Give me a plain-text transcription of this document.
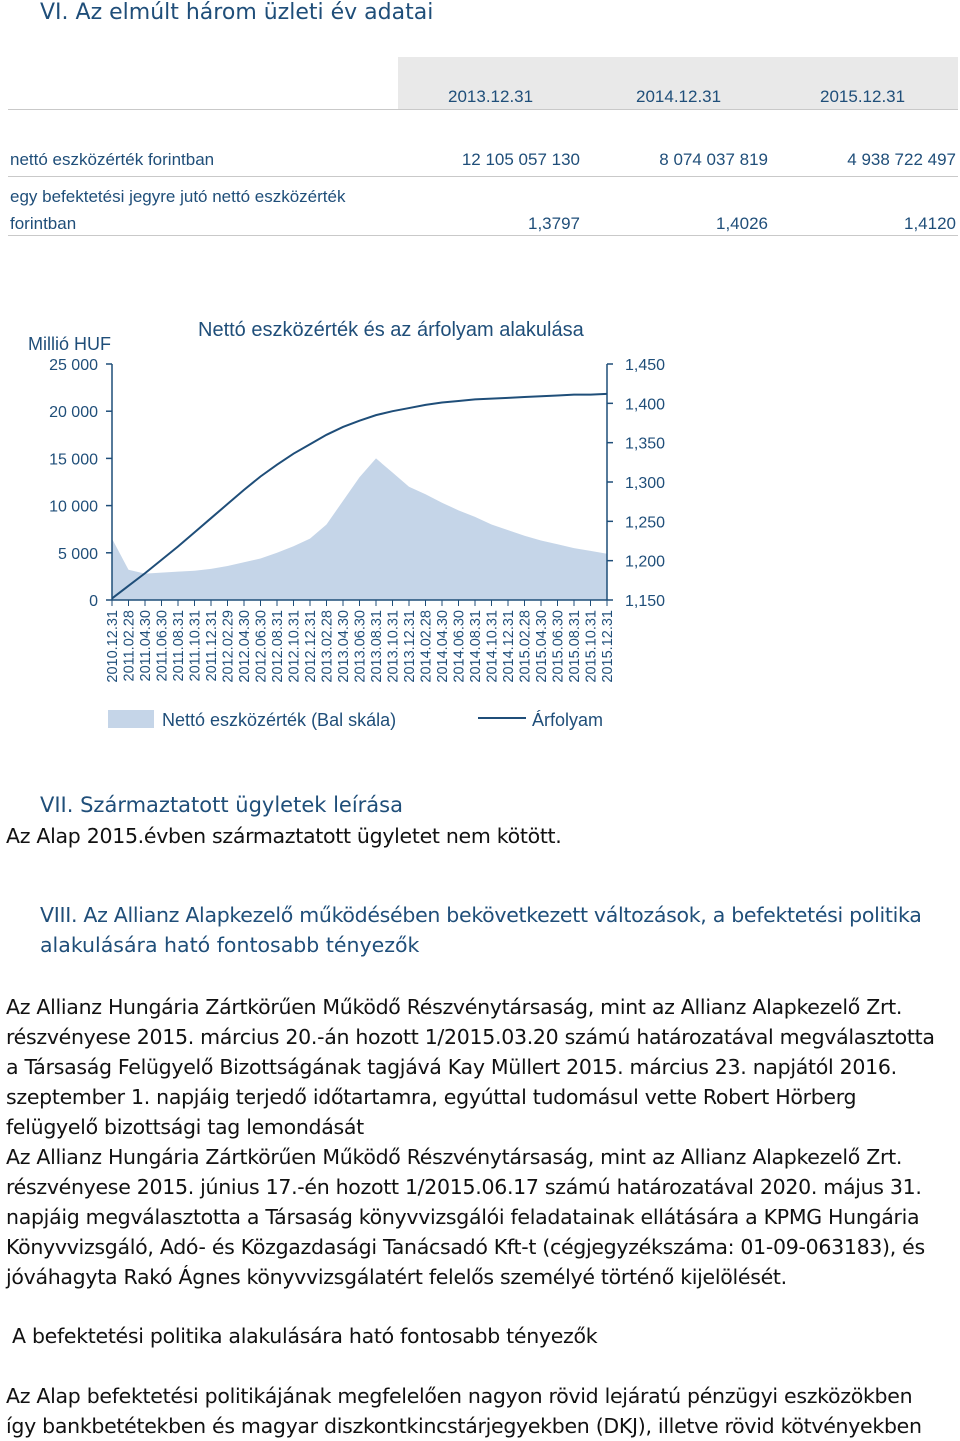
VI. Az elmúlt három üzleti év adatai
2013.12.31	2014.12.31	2015.12.31
nettó eszközérték forintban	12 105 057 130	8 074 037 819	4 938 722 497
egy befektetési jegyre jutó nettó eszközérték
forintban	1,3797	1,4026	1,4120
Millió HUF
Nettó eszközérték és az árfolyam alakulása
25 000
20 000
15 000
10 000
5 000
0
1,450
1,400
1,350
1,300
1,250
1,200
1,150
2010.12.31 2011.02.28 2011.04.30 2011.06.30 2011.08.31 2011.10.31 2011.12.31 2012.02.29 2012.04.30 2012.06.30 2012.08.31 2012.10.31 2012.12.31 2013.02.28 2013.04.30 2013.06.30 2013.08.31 2013.10.31 2013.12.31 2014.02.28 2014.04.30 2014.06.30 2014.08.31 2014.10.31 2014.12.31 2015.02.28 2015.04.30 2015.06.30 2015.08.31 2015.10.31 2015.12.31
Nettó eszközérték (Bal skála)	Árfolyam
VII. Származtatott ügyletek leírása
Az Alap 2015.évben származtatott ügyletet nem kötött.
VIII. Az Allianz Alapkezelő működésében bekövetkezett változások, a befektetési politika
alakulására ható fontosabb tényezők
Az Allianz Hungária Zártkörűen Működő Részvénytársaság, mint az Allianz Alapkezelő Zrt.
részvényese 2015. március 20.-án hozott 1/2015.03.20 számú határozatával megválasztotta
a Társaság Felügyelő Bizottságának tagjává Kay Müllert 2015. március 23. napjától 2016.
szeptember 1. napjáig terjedő időtartamra, egyúttal tudomásul vette Robert Hörberg
felügyelő bizottsági tag lemondását
Az Allianz Hungária Zártkörűen Működő Részvénytársaság, mint az Allianz Alapkezelő Zrt.
részvényese 2015. június 17.-én hozott 1/2015.06.17 számú határozatával 2020. május 31.
napjáig megválasztotta a Társaság könyvvizsgálói feladatainak ellátására a KPMG Hungária
Könyvvizsgáló, Adó- és Közgazdasági Tanácsadó Kft-t (cégjegyzékszáma: 01-09-063183), és
jóváhagyta Rakó Ágnes könyvvizsgálatért felelős személyé történő kijelölését.
A befektetési politika alakulására ható fontosabb tényezők
Az Alap befektetési politikájának megfelelően nagyon rövid lejáratú pénzügyi eszközökben
így bankbetétekben és magyar diszkontkincstárjegyekben (DKJ), illetve rövid kötvényekben
